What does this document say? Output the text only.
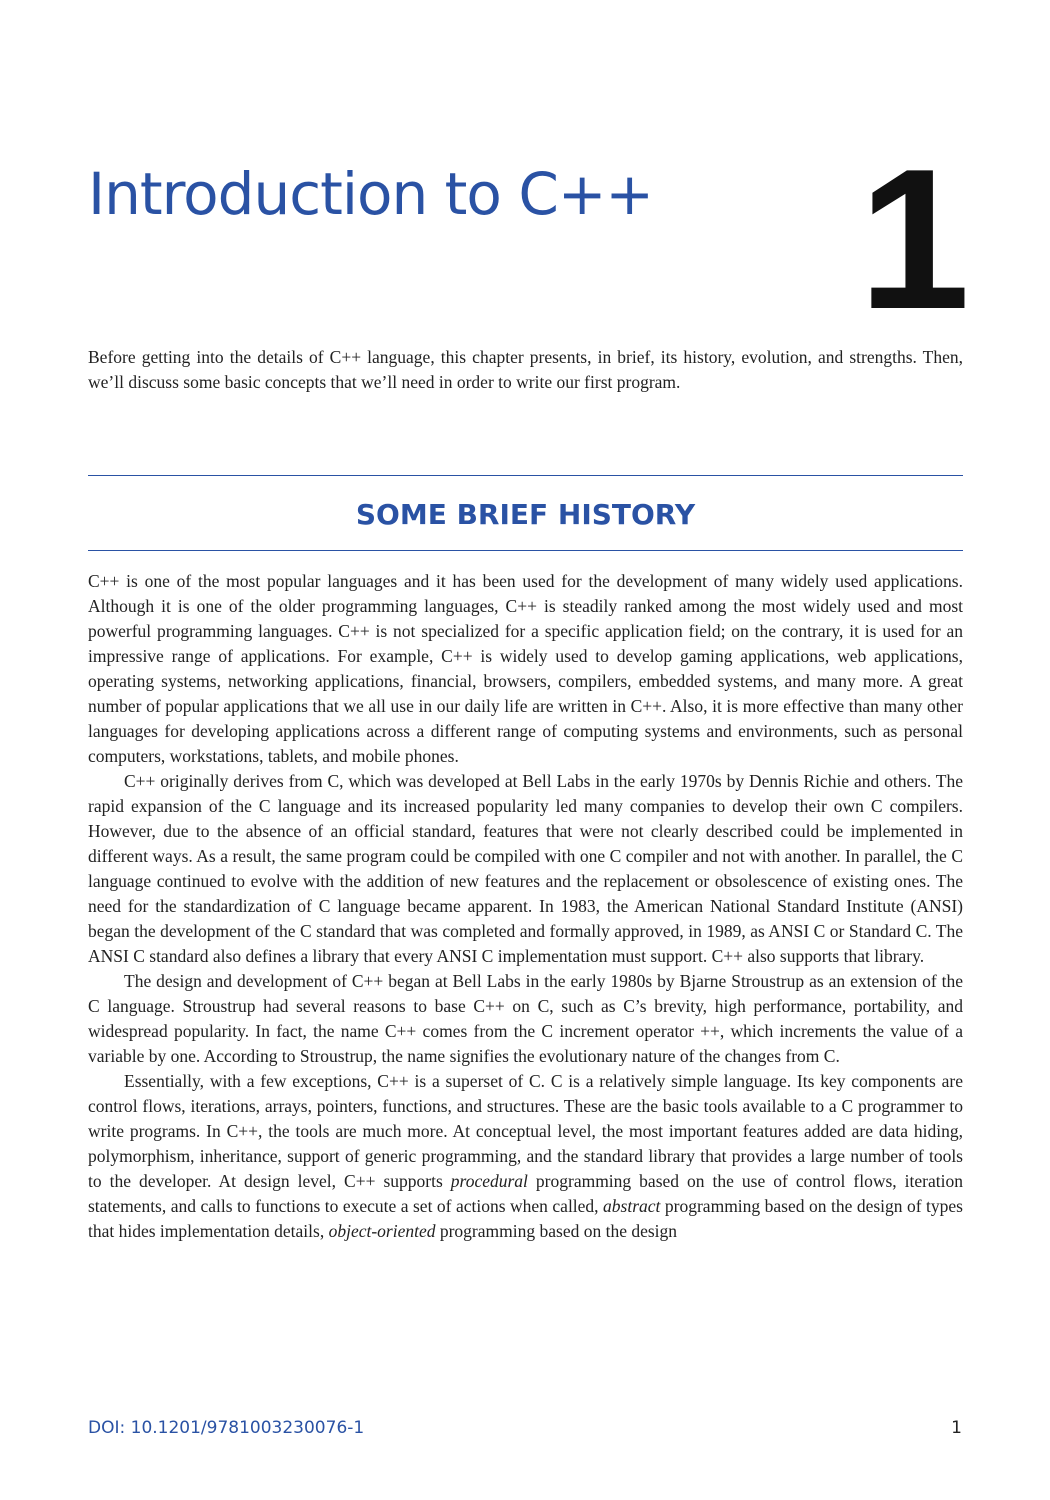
Introduction to C++ 1

Before getting into the details of C++ language, this chapter presents, in brief, its history, evolution, and strengths. Then, we’ll discuss some basic concepts that we’ll need in order to write our first program.

SOME BRIEF HISTORY

C++ is one of the most popular languages and it has been used for the development of many widely used applications. Although it is one of the older programming languages, C++ is steadily ranked among the most widely used and most powerful programming languages. C++ is not specialized for a specific application field; on the contrary, it is used for an impressive range of applications. For example, C++ is widely used to develop gaming applications, web applications, operating systems, networking applications, financial, browsers, compilers, embedded systems, and many more. A great number of popular applications that we all use in our daily life are written in C++. Also, it is more effective than many other languages for developing applications across a different range of computing systems and environments, such as personal computers, workstations, tablets, and mobile phones.

C++ originally derives from C, which was developed at Bell Labs in the early 1970s by Dennis Richie and others. The rapid expansion of the C language and its increased popularity led many companies to develop their own C compilers. However, due to the absence of an official standard, features that were not clearly described could be implemented in different ways. As a result, the same program could be compiled with one C compiler and not with another. In parallel, the C language continued to evolve with the addition of new features and the replacement or obsolescence of existing ones. The need for the standardization of C language became apparent. In 1983, the American National Standard Institute (ANSI) began the development of the C standard that was completed and formally approved, in 1989, as ANSI C or Standard C. The ANSI C standard also defines a library that every ANSI C implementation must support. C++ also supports that library.

The design and development of C++ began at Bell Labs in the early 1980s by Bjarne Stroustrup as an extension of the C language. Stroustrup had several reasons to base C++ on C, such as C’s brevity, high performance, portability, and widespread popularity. In fact, the name C++ comes from the C increment operator ++, which increments the value of a variable by one. According to Stroustrup, the name signifies the evolutionary nature of the changes from C.

Essentially, with a few exceptions, C++ is a superset of C. C is a relatively simple language. Its key components are control flows, iterations, arrays, pointers, functions, and structures. These are the basic tools available to a C programmer to write programs. In C++, the tools are much more. At conceptual level, the most important features added are data hiding, polymorphism, inheritance, support of generic programming, and the standard library that provides a large number of tools to the developer. At design level, C++ supports procedural programming based on the use of control flows, iteration statements, and calls to functions to execute a set of actions when called, abstract programming based on the design of types that hides implementation details, object-oriented programming based on the design

DOI: 10.1201/9781003230076-1	1
